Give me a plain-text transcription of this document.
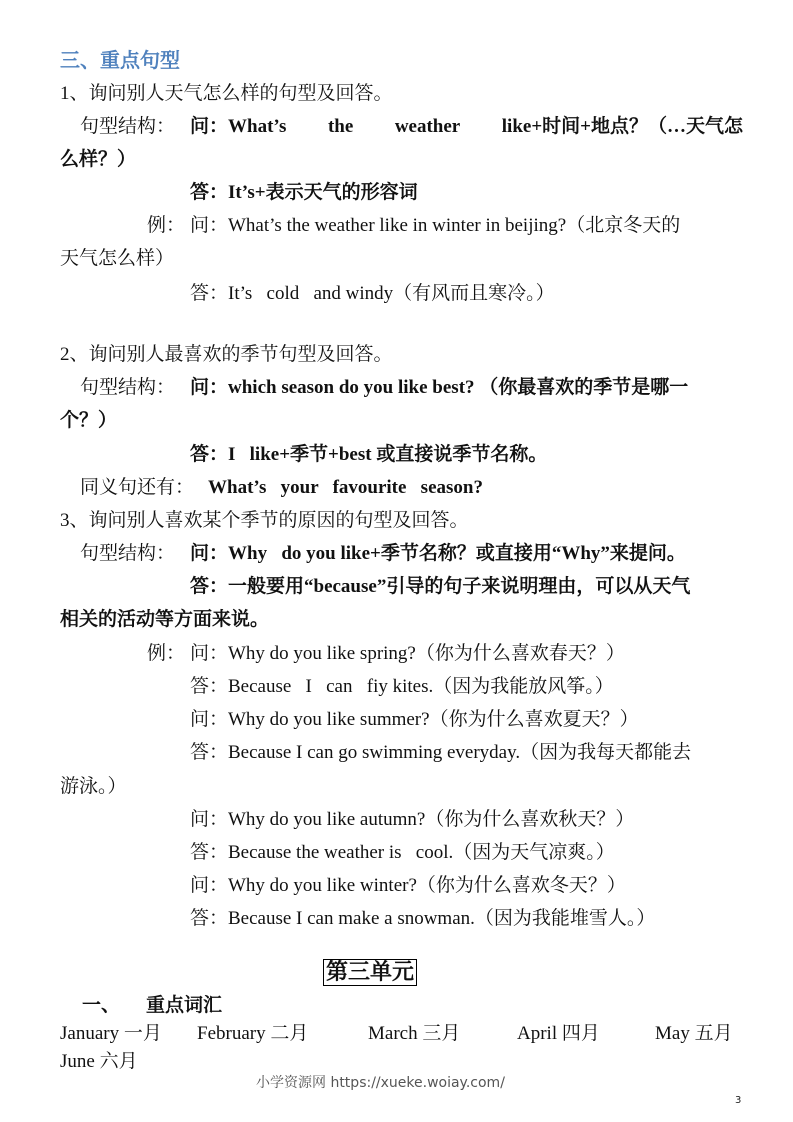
三、重点句型
1、询问别人天气怎么样的句型及回答。
句型结构： 问：What’s the weather like+时间+地点？（…天气怎
么样？）
答：It’s+表示天气的形容词
例： 问：What’s the weather like in winter in beijing?（北京冬天的
天气怎么样）
答：It’s   cold   and windy（有风而且寒冷。）
2、询问别人最喜欢的季节句型及回答。
句型结构： 问：which season do you like best? （你最喜欢的季节是哪一
个？）
答：I   like+季节+best 或直接说季节名称。
同义句还有： What’s   your   favourite   season?
3、询问别人喜欢某个季节的原因的句型及回答。
句型结构： 问：Why   do you like+季节名称？或直接用“Why”来提问。
答：一般要用“because”引导的句子来说明理由，可以从天气
相关的活动等方面来说。
例： 问：Why do you like spring?（你为什么喜欢春天？）
答：Because   I   can   fiy kites.（因为我能放风筝。）
问：Why do you like summer?（你为什么喜欢夏天？）
答：Because I can go swimming everyday.（因为我每天都能去
游泳。）
问：Why do you like autumn?（你为什么喜欢秋天？）
答：Because the weather is   cool.（因为天气凉爽。）
问：Why do you like winter?（你为什么喜欢冬天？）
答：Because I can make a snowman.（因为我能堆雪人。）
第三单元
一、 重点词汇
January 一月 February 二月	March 三月	April 四月	May 五月
June 六月
小学资源网 https://xueke.woiay.com/
3
